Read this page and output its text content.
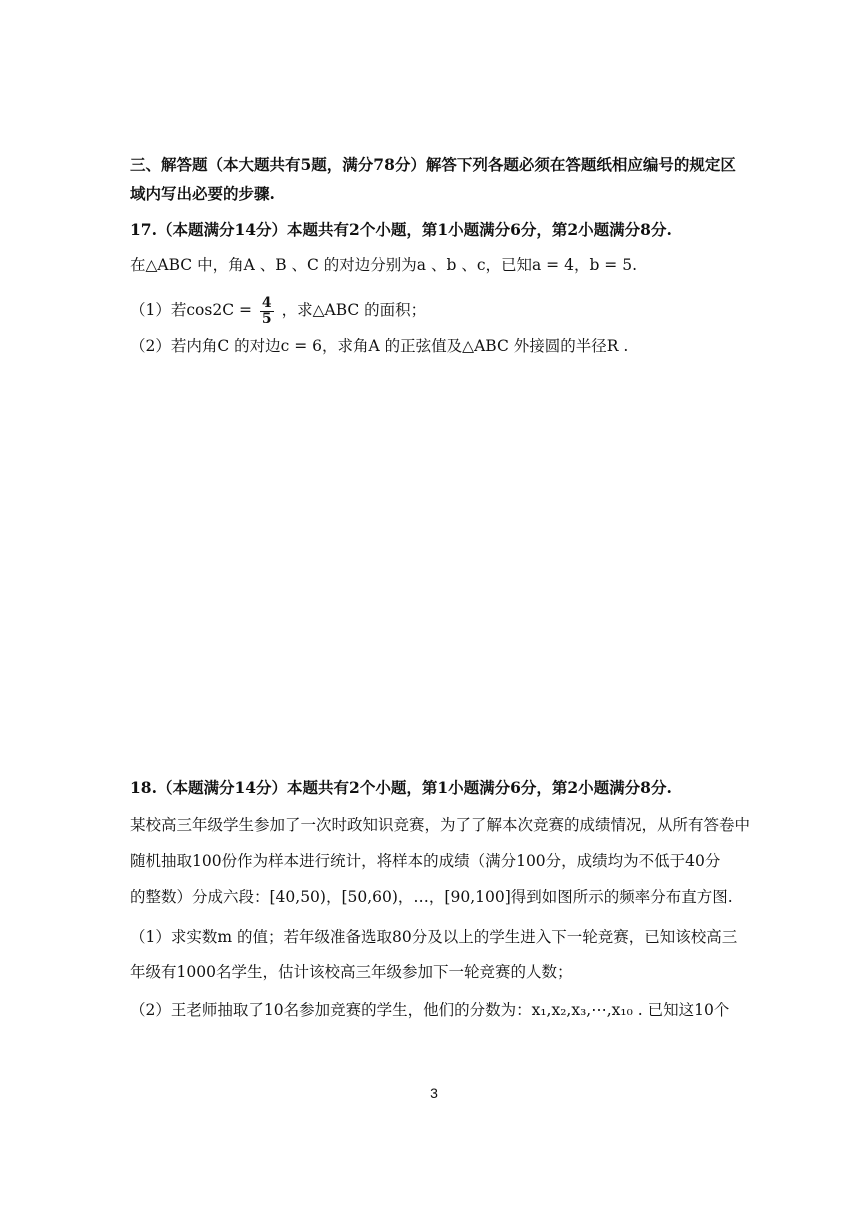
三、解答题（本大题共有5题，满分78分）解答下列各题必须在答题纸相应编号的规定区
域内写出必要的步骤.
17.（本题满分14分）本题共有2个小题，第1小题满分6分，第2小题满分8分.
在△ABC 中，角A 、B 、C 的对边分别为a 、b 、c，已知a = 4，b = 5.
（1）若$\cos 2C = \frac{4}{5}$ ，求△ABC 的面积；
（2）若内角C 的对边c = 6，求角A 的正弦值及△ABC 外接圆的半径R .
18.（本题满分14分）本题共有2个小题，第1小题满分6分，第2小题满分8分.
某校高三年级学生参加了一次时政知识竞赛，为了了解本次竞赛的成绩情况，从所有答卷中
随机抽取100份作为样本进行统计，将样本的成绩（满分100分，成绩均为不低于40分
的整数）分成六段：[40,50)，[50,60)，…，[90,100]得到如图所示的频率分布直方图.
（1）求实数m 的值；若年级准备选取80分及以上的学生进入下一轮竞赛，已知该校高三
年级有1000名学生，估计该校高三年级参加下一轮竞赛的人数；
（2）王老师抽取了10名参加竞赛的学生，他们的分数为：x₁,x₂,x₃,⋯,x₁₀ . 已知这10个
3
